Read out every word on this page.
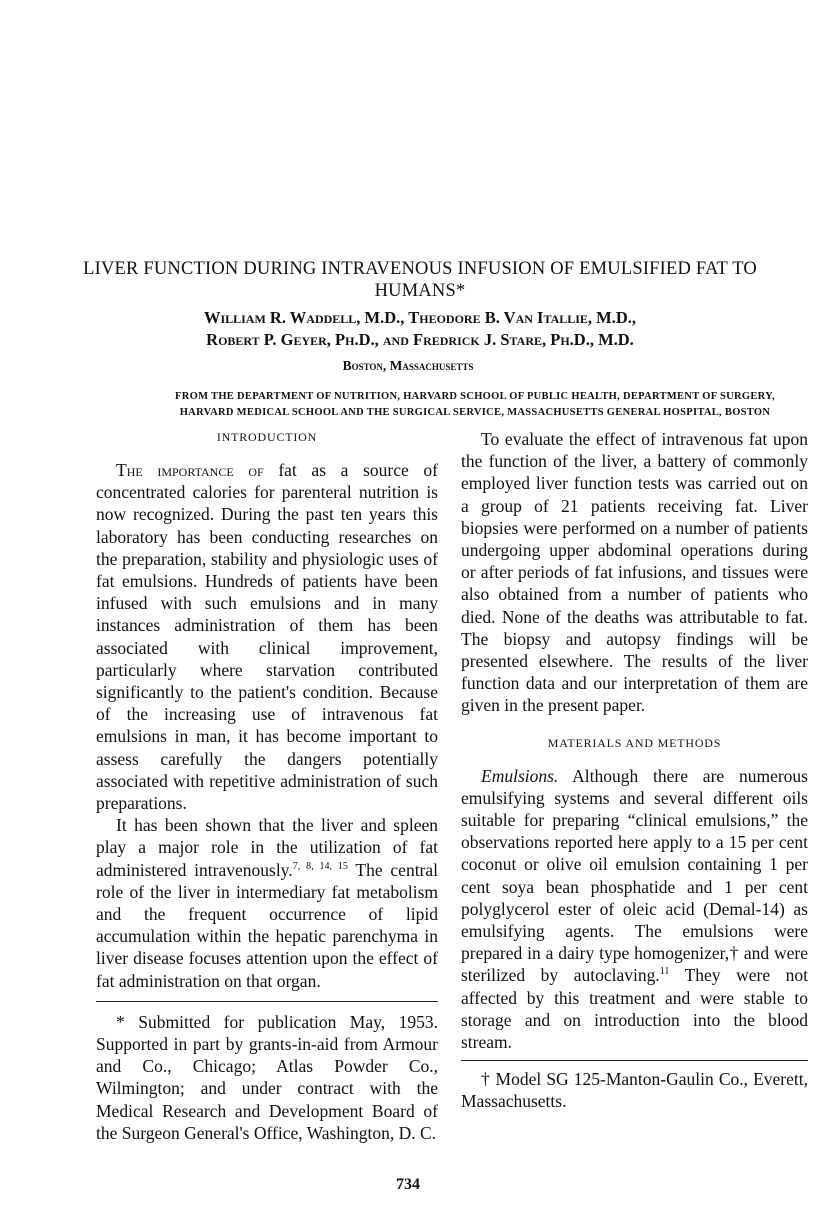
LIVER FUNCTION DURING INTRAVENOUS INFUSION OF EMULSIFIED FAT TO HUMANS*
William R. Waddell, M.D., Theodore B. Van Itallie, M.D.,
Robert P. Geyer, Ph.D., and Fredrick J. Stare, Ph.D., M.D.
Boston, Massachusetts
FROM THE DEPARTMENT OF NUTRITION, HARVARD SCHOOL OF PUBLIC HEALTH, DEPARTMENT OF SURGERY, HARVARD MEDICAL SCHOOL AND THE SURGICAL SERVICE, MASSACHUSETTS GENERAL HOSPITAL, BOSTON
INTRODUCTION

The importance of fat as a source of concentrated calories for parenteral nutrition is now recognized. During the past ten years this laboratory has been conducting researches on the preparation, stability and physiologic uses of fat emulsions. Hundreds of patients have been infused with such emulsions and in many instances administration of them has been associated with clinical improvement, particularly where starvation contributed significantly to the patient's condition. Because of the increasing use of intravenous fat emulsions in man, it has become important to assess carefully the dangers potentially associated with repetitive administration of such preparations.

It has been shown that the liver and spleen play a major role in the utilization of fat administered intravenously.$^{7, 8, 14, 15}$ The central role of the liver in intermediary fat metabolism and the frequent occurrence of lipid accumulation within the hepatic parenchyma in liver disease focuses attention upon the effect of fat administration on that organ.

* Submitted for publication May, 1953. Supported in part by grants-in-aid from Armour and Co., Chicago; Atlas Powder Co., Wilmington; and under contract with the Medical Research and Development Board of the Surgeon General's Office, Washington, D. C.

To evaluate the effect of intravenous fat upon the function of the liver, a battery of commonly employed liver function tests was carried out on a group of 21 patients receiving fat. Liver biopsies were performed on a number of patients undergoing upper abdominal operations during or after periods of fat infusions, and tissues were also obtained from a number of patients who died. None of the deaths was attributable to fat. The biopsy and autopsy findings will be presented elsewhere. The results of the liver function data and our interpretation of them are given in the present paper.

MATERIALS AND METHODS

Emulsions. Although there are numerous emulsifying systems and several different oils suitable for preparing “clinical emulsions,” the observations reported here apply to a 15 per cent coconut or olive oil emulsion containing 1 per cent soya bean phosphatide and 1 per cent polyglycerol ester of oleic acid (Demal-14) as emulsifying agents. The emulsions were prepared in a dairy type homogenizer,† and were sterilized by autoclaving.$^{11}$ They were not affected by this treatment and were stable to storage and on introduction into the blood stream.

† Model SG 125-Manton-Gaulin Co., Everett, Massachusetts.

734
